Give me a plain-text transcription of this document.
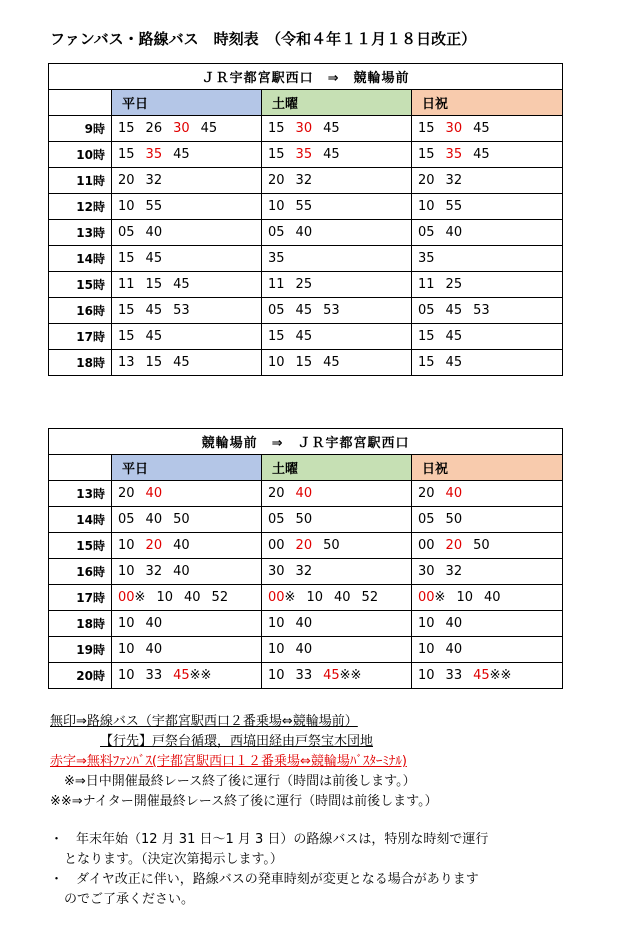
ファンバス・路線バス　時刻表　（令和４年１１月１８日改正）
ＪＲ宇都宮駅西口　⇒　競輪場前			
	平日	土曜	日祝
9時	15 26 30 45	15 30 45	15 30 45
10時	15 35 45	15 35 45	15 35 45
11時	20 32	20 32	20 32
12時	10 55	10 55	10 55
13時	05 40	05 40	05 40
14時	15 45	35	35
15時	11 15 45	11 25	11 25
16時	15 45 53	05 45 53	05 45 53
17時	15 45	15 45	15 45
18時	13 15 45	10 15 45	15 45
競輪場前　⇒　ＪＲ宇都宮駅西口			
	平日	土曜	日祝
13時	20 40	20 40	20 40
14時	05 40 50	05 50	05 50
15時	10 20 40	00 20 50	00 20 50
16時	10 32 40	30 32	30 32
17時	00※ 10 40 52	00※ 10 40 52	00※ 10 40
18時	10 40	10 40	10 40
19時	10 40	10 40	10 40
20時	10 33 45※※	10 33 45※※	10 33 45※※
無印⇒路線バス（宇都宮駅西口２番乗場⇔競輪場前）
【行先】戸祭台循環，西塙田経由戸祭宝木団地
赤字⇒無料ﾌｧﾝﾊﾞｽ(宇都宮駅西口１２番乗場⇔競輪場ﾊﾞｽﾀｰﾐﾅﾙ)
※⇒日中開催最終レース終了後に運行（時間は前後します。）
※※⇒ナイター開催最終レース終了後に運行（時間は前後します。）
・　年末年始（12 月 31 日～1 月 3 日）の路線バスは，特別な時刻で運行
となります。（決定次第掲示します。）
・　ダイヤ改正に伴い，路線バスの発車時刻が変更となる場合があります
のでご了承ください。
